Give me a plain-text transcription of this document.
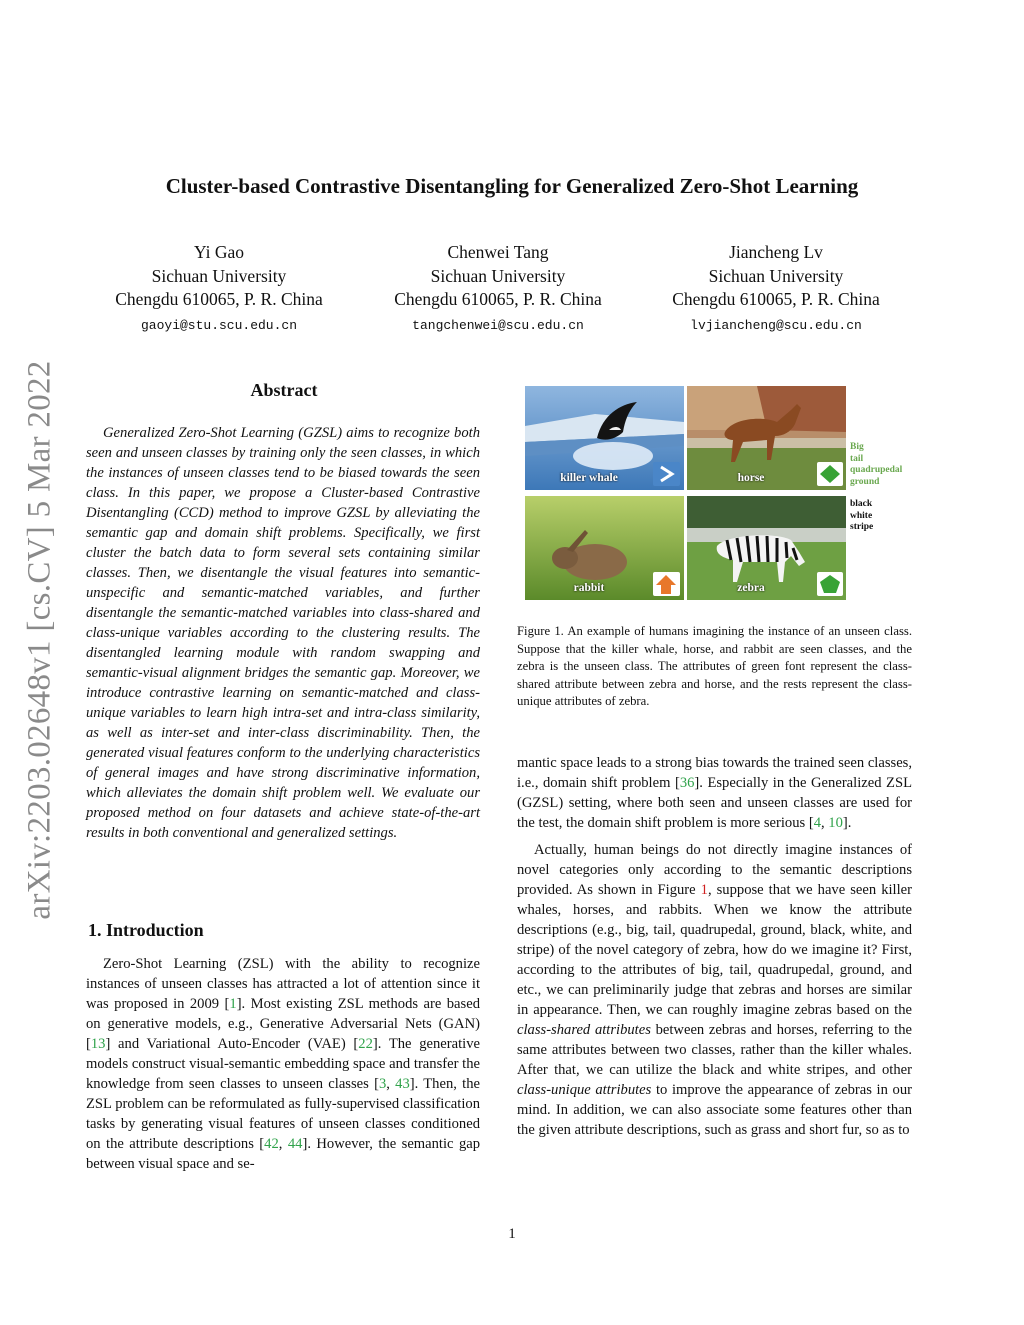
arXiv:2203.02648v1 [cs.CV] 5 Mar 2022
Cluster-based Contrastive Disentangling for Generalized Zero-Shot Learning
Yi Gao
Sichuan University
Chengdu 610065, P. R. China
gaoyi@stu.scu.edu.cn
Chenwei Tang
Sichuan University
Chengdu 610065, P. R. China
tangchenwei@scu.edu.cn
Jiancheng Lv
Sichuan University
Chengdu 610065, P. R. China
lvjiancheng@scu.edu.cn
Abstract

Generalized Zero-Shot Learning (GZSL) aims to recognize both seen and unseen classes by training only the seen classes, in which the instances of unseen classes tend to be biased towards the seen class. In this paper, we propose a Cluster-based Contrastive Disentangling (CCD) method to improve GZSL by alleviating the semantic gap and domain shift problems. Specifically, we first cluster the batch data to form several sets containing similar classes. Then, we disentangle the visual features into semantic-unspecific and semantic-matched variables, and further disentangle the semantic-matched variables into class-shared and class-unique variables according to the clustering results. The disentangled learning module with random swapping and semantic-visual alignment bridges the semantic gap. Moreover, we introduce contrastive learning on semantic-matched and class-unique variables to learn high intra-set and intra-class similarity, as well as inter-set and inter-class discriminability. Then, the generated visual features conform to the underlying characteristics of general images and have strong discriminative information, which alleviates the domain shift problem well. We evaluate our proposed method on four datasets and achieve state-of-the-art results in both conventional and generalized settings.

1. Introduction

Zero-Shot Learning (ZSL) with the ability to recognize instances of unseen classes has attracted a lot of attention since it was proposed in 2009 [1]. Most existing ZSL methods are based on generative models, e.g., Generative Adversarial Nets (GAN) [13] and Variational Auto-Encoder (VAE) [22]. The generative models construct visual-semantic embedding space and transfer the knowledge from seen classes to unseen classes [3, 43]. Then, the ZSL problem can be reformulated as fully-supervised classification tasks by generating visual features of unseen classes conditioned on the attribute descriptions [42, 44]. However, the semantic gap between visual space and se-

killer whale	horse
rabbit	zebra
Big
tail
quadrupedal
ground
black
white
stripe
Figure 1. An example of humans imagining the instance of an unseen class. Suppose that the killer whale, horse, and rabbit are seen classes, and the zebra is the unseen class. The attributes of green font represent the class-shared attribute between zebra and horse, and the rests represent the class-unique attributes of zebra.

mantic space leads to a strong bias towards the trained seen classes, i.e., domain shift problem [36]. Especially in the Generalized ZSL (GZSL) setting, where both seen and unseen classes are used for the test, the domain shift problem is more serious [4, 10].

Actually, human beings do not directly imagine instances of novel categories only according to the semantic descriptions provided. As shown in Figure 1, suppose that we have seen killer whales, horses, and rabbits. When we know the attribute descriptions (e.g., big, tail, quadrupedal, ground, black, white, and stripe) of the novel category of zebra, how do we imagine it? First, according to the attributes of big, tail, quadrupedal, ground, and etc., we can preliminarily judge that zebras and horses are similar in appearance. Then, we can roughly imagine zebras based on the class-shared attributes between zebras and horses, referring to the same attributes between two classes, rather than the killer whales. After that, we can utilize the black and white stripes, and other class-unique attributes to improve the appearance of zebras in our mind. In addition, we can also associate some features other than the given attribute descriptions, such as grass and short fur, so as to

1
